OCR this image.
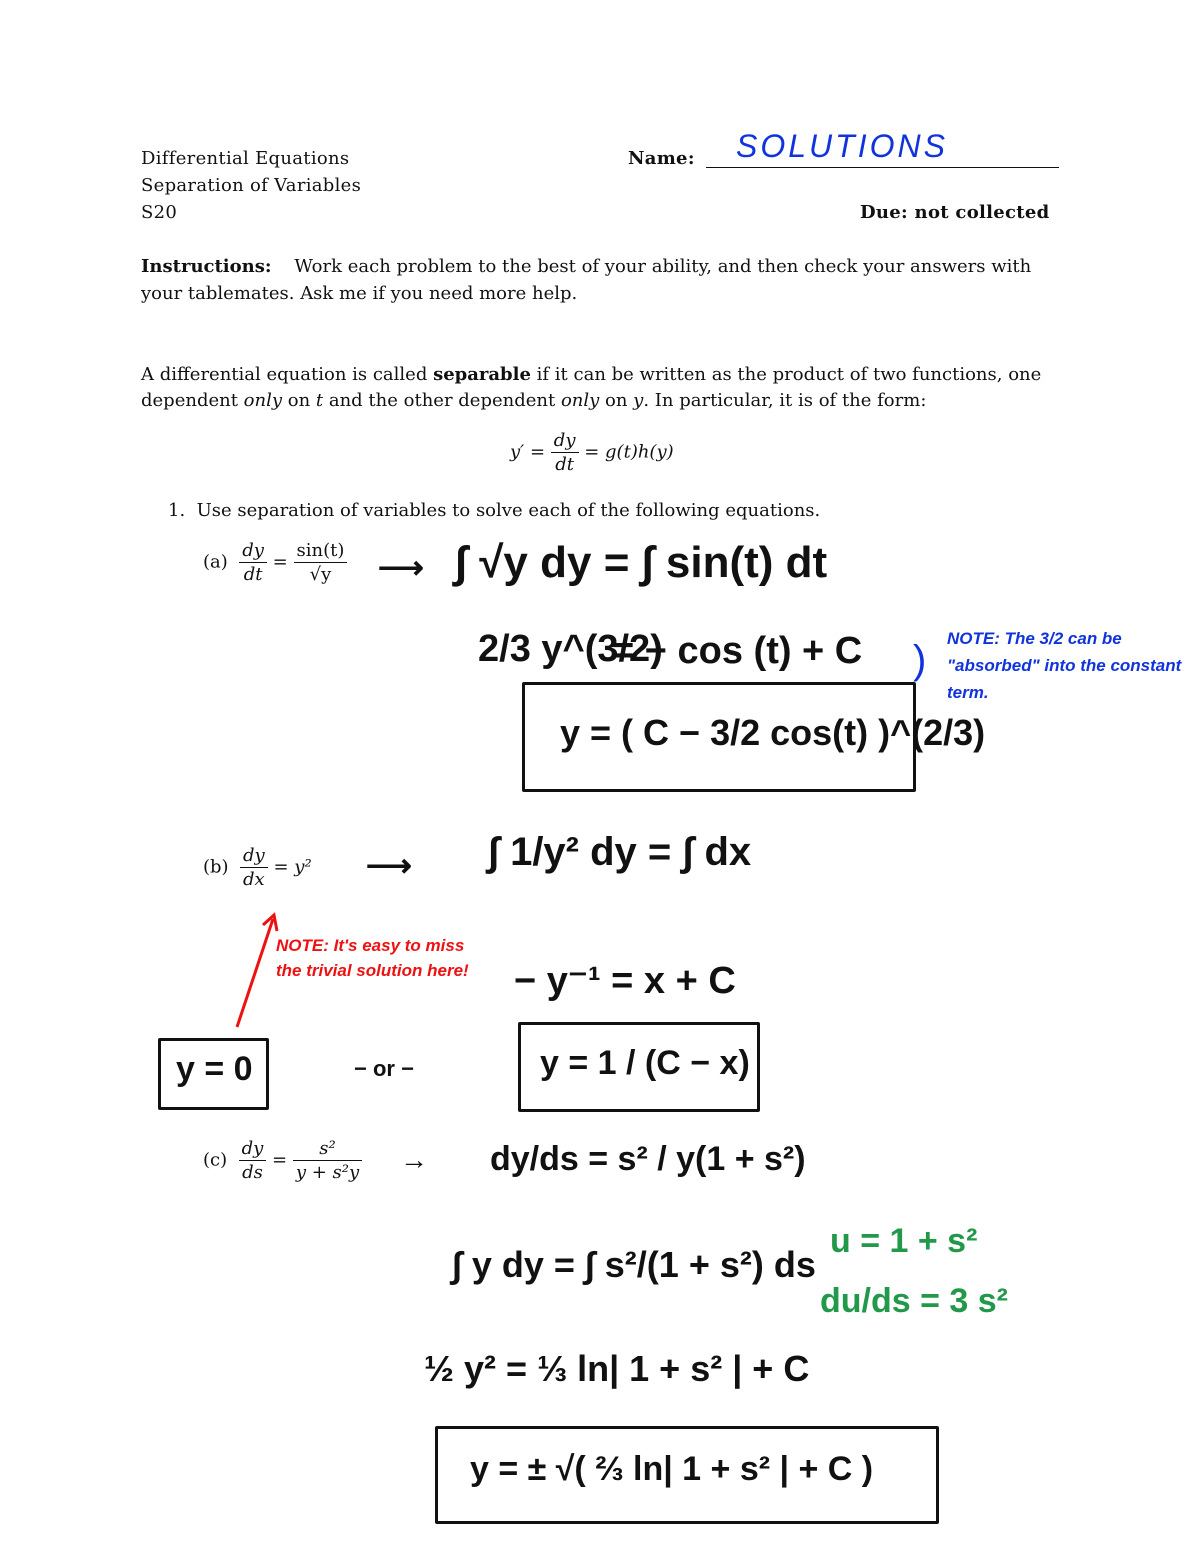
Differential Equations
Separation of Variables
S20
Name: SOLUTIONS
Due: not collected
Instructions: Work each problem to the best of your ability, and then check your answers with
your tablemates. Ask me if you need more help.
A differential equation is called separable if it can be written as the product of two functions, one
dependent only on t and the other dependent only on y. In particular, it is of the form:
$y' = \frac{dy}{dt} = g(t)h(y)$
1. Use separation of variables to solve each of the following equations.
$(a) \frac{dy}{dt} = \frac{\sin(t)}{√y}$ ⟶ ∫ √y dy = ∫ sin(t) dt
2/3 y^(3/2)
= − cos (t) + C
y = ( C − 3/2 cos(t) )^(2/3)
) NOTE: The 3/2 can be "absorbed" into the constant term.
$(b) \frac{dy}{dx} = y^2$ ⟶ ∫ 1/y² dy = ∫ dx
− y⁻¹ = x + C
NOTE: It's easy to miss the trivial solution here!
y = 0	− or −	y = 1 / (C − x)
$(c) \frac{dy}{ds} = \frac{\text{s²}}{\text{y + s²y}} \to dy/ds = s^2 / y(1 + s^2)$
∫ y dy = ∫ s²/(1 + s²) ds
u = 1 + s²
du/ds = 3 s²
½ y² = ⅓ ln| 1 + s² | + C
y = ± √( ⅔ ln| 1 + s² | + C )
